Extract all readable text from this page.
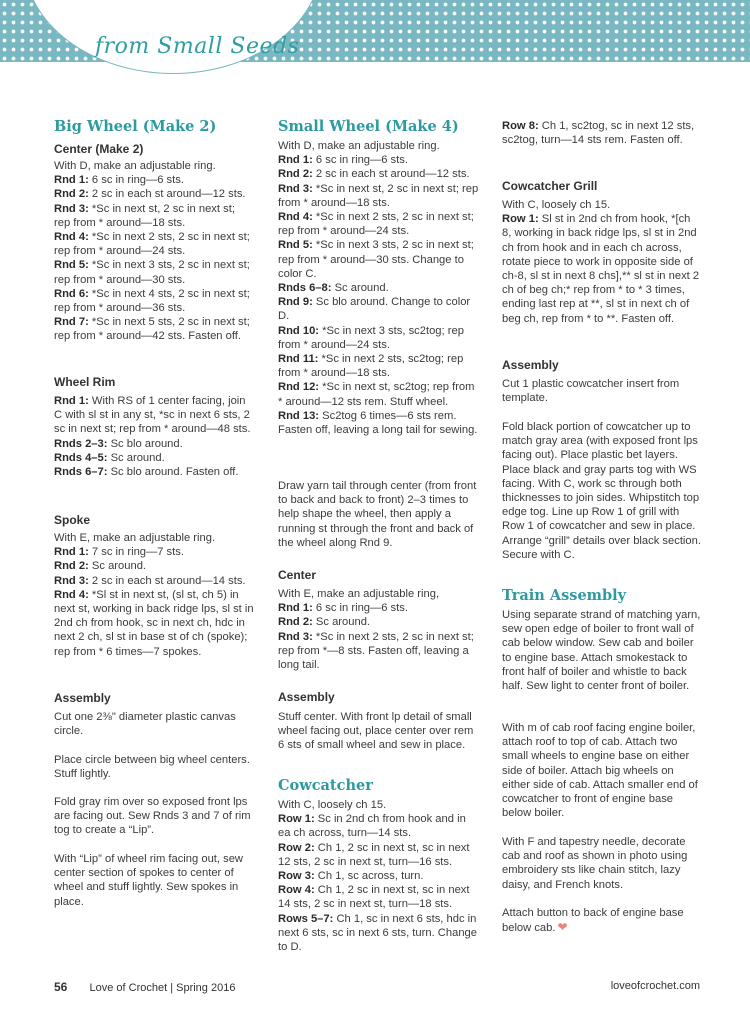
from Small Seeds
Big Wheel (Make 2)
Center (Make 2)
With D, make an adjustable ring.
Rnd 1: 6 sc in ring—6 sts.
Rnd 2: 2 sc in each st around—12 sts.
Rnd 3: *Sc in next st, 2 sc in next st; rep from * around—18 sts.
Rnd 4: *Sc in next 2 sts, 2 sc in next st; rep from * around—24 sts.
Rnd 5: *Sc in next 3 sts, 2 sc in next st; rep from * around—30 sts.
Rnd 6: *Sc in next 4 sts, 2 sc in next st; rep from * around—36 sts.
Rnd 7: *Sc in next 5 sts, 2 sc in next st; rep from * around—42 sts. Fasten off.
Wheel Rim
Rnd 1: With RS of 1 center facing, join C with sl st in any st, *sc in next 6 sts, 2 sc in next st; rep from * around—48 sts.
Rnds 2–3: Sc blo around.
Rnds 4–5: Sc around.
Rnds 6–7: Sc blo around. Fasten off.
Spoke
With E, make an adjustable ring.
Rnd 1: 7 sc in ring—7 sts.
Rnd 2: Sc around.
Rnd 3: 2 sc in each st around—14 sts.
Rnd 4: *Sl st in next st, (sl st, ch 5) in next st, working in back ridge lps, sl st in 2nd ch from hook, sc in next ch, hdc in next 2 ch, sl st in base st of ch (spoke); rep from * 6 times—7 spokes.
Assembly
Cut one 2⅜" diameter plastic canvas circle.
Place circle between big wheel centers. Stuff lightly.
Fold gray rim over so exposed front lps are facing out. Sew Rnds 3 and 7 of rim tog to create a “Lip”.
With “Lip” of wheel rim facing out, sew center section of spokes to center of wheel and stuff lightly. Sew spokes in place.
Small Wheel (Make 4)
With D, make an adjustable ring.
Rnd 1: 6 sc in ring—6 sts.
Rnd 2: 2 sc in each st around—12 sts.
Rnd 3: *Sc in next st, 2 sc in next st; rep from * around—18 sts.
Rnd 4: *Sc in next 2 sts, 2 sc in next st; rep from * around—24 sts.
Rnd 5: *Sc in next 3 sts, 2 sc in next st; rep from * around—30 sts. Change to color C.
Rnds 6–8: Sc around.
Rnd 9: Sc blo around. Change to color D.
Rnd 10: *Sc in next 3 sts, sc2tog; rep from * around—24 sts.
Rnd 11: *Sc in next 2 sts, sc2tog; rep from * around—18 sts.
Rnd 12: *Sc in next st, sc2tog; rep from * around—12 sts rem. Stuff wheel.
Rnd 13: Sc2tog 6 times—6 sts rem. Fasten off, leaving a long tail for sewing.
Draw yarn tail through center (from front to back and back to front) 2–3 times to help shape the wheel, then apply a running st through the front and back of the wheel along Rnd 9.
Center
With E, make an adjustable ring,
Rnd 1: 6 sc in ring—6 sts.
Rnd 2: Sc around.
Rnd 3: *Sc in next 2 sts, 2 sc in next st; rep from *—8 sts. Fasten off, leaving a long tail.
Assembly
Stuff center. With front lp detail of small wheel facing out, place center over rem 6 sts of small wheel and sew in place.
Cowcatcher
With C, loosely ch 15.
Row 1: Sc in 2nd ch from hook and in ea ch across, turn—14 sts.
Row 2: Ch 1, 2 sc in next st, sc in next 12 sts, 2 sc in next st, turn—16 sts.
Row 3: Ch 1, sc across, turn.
Row 4: Ch 1, 2 sc in next st, sc in next 14 sts, 2 sc in next st, turn—18 sts.
Rows 5–7: Ch 1, sc in next 6 sts, hdc in next 6 sts, sc in next 6 sts, turn. Change to D.
Row 8: Ch 1, sc2tog, sc in next 12 sts, sc2tog, turn—14 sts rem. Fasten off.
Cowcatcher Grill
With C, loosely ch 15.
Row 1: Sl st in 2nd ch from hook, *[ch 8, working in back ridge lps, sl st in 2nd ch from hook and in each ch across, rotate piece to work in opposite side of ch-8, sl st in next 8 chs],** sl st in next 2 ch of beg ch;* rep from * to * 3 times, ending last rep at **, sl st in next ch of beg ch, rep from * to **. Fasten off.
Assembly
Cut 1 plastic cowcatcher insert from template.
Fold black portion of cowcatcher up to match gray area (with exposed front lps facing out). Place plastic bet layers. Place black and gray parts tog with WS facing. With C, work sc through both thicknesses to join sides. Whipstitch top edge tog. Line up Row 1 of grill with Row 1 of cowcatcher and sew in place. Arrange “grill” details over black section. Secure with C.
Train Assembly
Using separate strand of matching yarn, sew open edge of boiler to front wall of cab below window. Sew cab and boiler to engine base. Attach smokestack to front half of boiler and whistle to back half. Sew light to center front of boiler.
With m of cab roof facing engine boiler, attach roof to top of cab. Attach two small wheels to engine base on either side of boiler. Attach big wheels on either side of cab. Attach smaller end of cowcatcher to front of engine base below boiler.
With F and tapestry needle, decorate cab and roof as shown in photo using embroidery sts like chain stitch, lazy daisy, and French knots.
Attach button to back of engine base below cab. ❤
56 Love of Crochet | Spring 2016	loveofcrochet.com
